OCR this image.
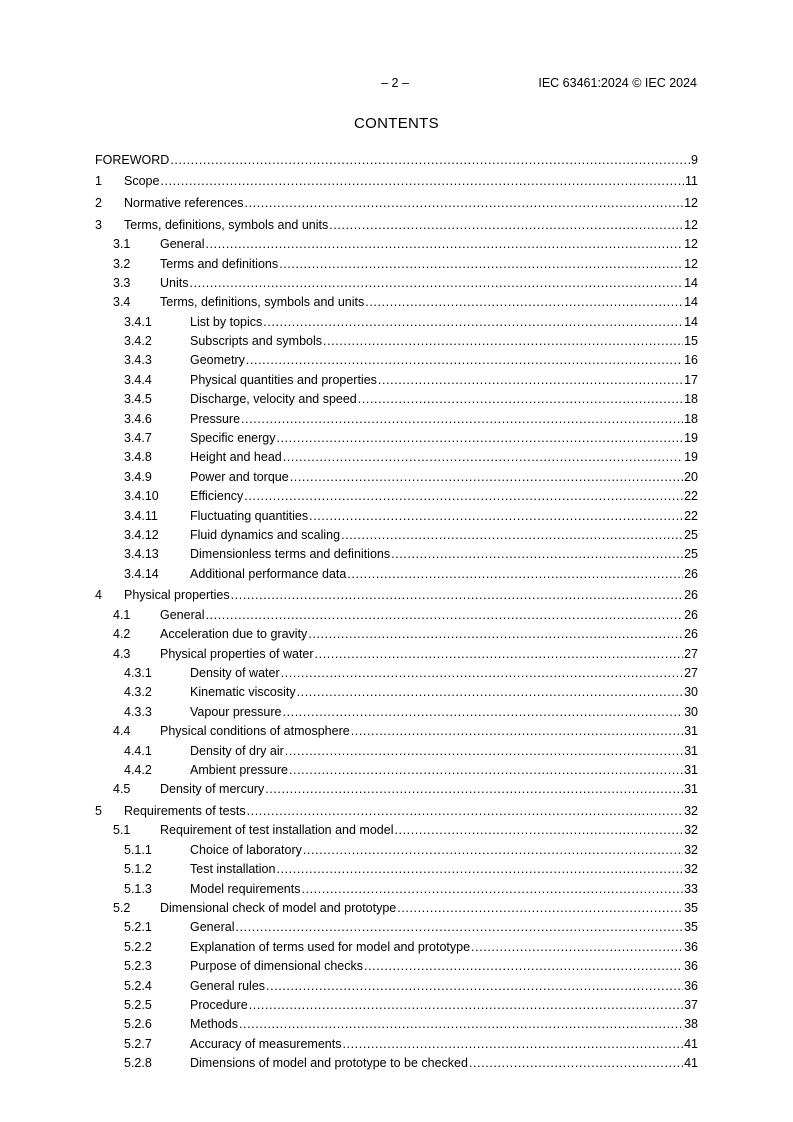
– 2 –	IEC 63461:2024 © IEC 2024
CONTENTS
FOREWORD .....	9
1 Scope .....	11
2 Normative references .....	12
3 Terms, definitions, symbols and units .....	12
3.1 General .....	12
3.2 Terms and definitions .....	12
3.3 Units .....	14
3.4 Terms, definitions, symbols and units .....	14
3.4.1	List by topics .....	14
3.4.2	Subscripts and symbols .....	15
3.4.3	Geometry .....	16
3.4.4	Physical quantities and properties .....	17
3.4.5	Discharge, velocity and speed .....	18
3.4.6	Pressure .....	18
3.4.7	Specific energy .....	19
3.4.8	Height and head .....	19
3.4.9	Power and torque .....	20
3.4.10 Efficiency .....	22
3.4.11	Fluctuating quantities .....	22
3.4.12 Fluid dynamics and scaling .....	25
3.4.13 Dimensionless terms and definitions .....	25
3.4.14 Additional performance data .....	26
4 Physical properties .....	26
4.1 General .....	26
4.2 Acceleration due to gravity .....	26
4.3 Physical properties of water .....	27
4.3.1	Density of water .....	27
4.3.2	Kinematic viscosity .....	30
4.3.3	Vapour pressure .....	30
4.4 Physical conditions of atmosphere .....	31
4.4.1	Density of dry air .....	31
4.4.2	Ambient pressure .....	31
4.5 Density of mercury .....	31
5 Requirements of tests .....	32
5.1 Requirement of test installation and model .....	32
5.1.1	Choice of laboratory .....	32
5.1.2	Test installation .....	32
5.1.3	Model requirements .....	33
5.2 Dimensional check of model and prototype .....	35
5.2.1	General .....	35
5.2.2	Explanation of terms used for model and prototype .....	36
5.2.3	Purpose of dimensional checks .....	36
5.2.4	General rules .....	36
5.2.5	Procedure .....	37
5.2.6	Methods .....	38
5.2.7	Accuracy of measurements .....	41
5.2.8	Dimensions of model and prototype to be checked .....	41
